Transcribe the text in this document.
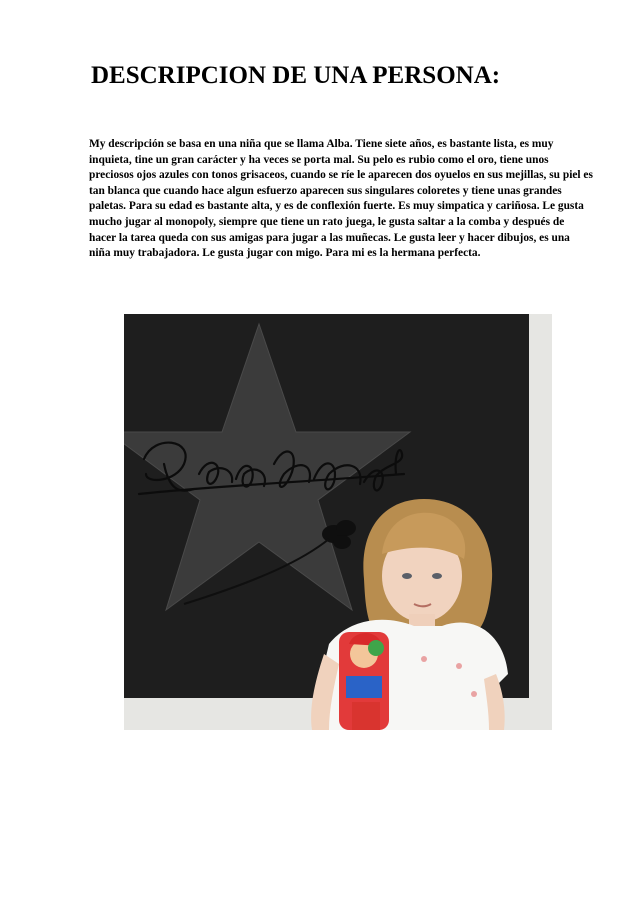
DESCRIPCION DE UNA PERSONA:
My descripción se basa en una niña que se llama Alba. Tiene siete años, es bastante lista, es muy inquieta, tine un gran carácter y ha veces se porta mal. Su pelo es rubio como el oro, tiene unos preciosos ojos azules con tonos grisaceos, cuando se ríe le aparecen dos oyuelos en sus mejillas, su piel es tan blanca que cuando hace algun esfuerzo aparecen sus singulares coloretes y tiene unas grandes paletas. Para su edad es bastante alta, y es de conflexión fuerte. Es muy simpatica y cariñosa. Le gusta mucho jugar al monopoly, siempre que tiene un rato juega, le gusta saltar a la comba y después de hacer la tarea queda con sus amigas para jugar a las muñecas. Le gusta leer y hacer dibujos, es una niña muy trabajadora. Le gusta jugar con migo. Para mi es la hermana perfecta.
